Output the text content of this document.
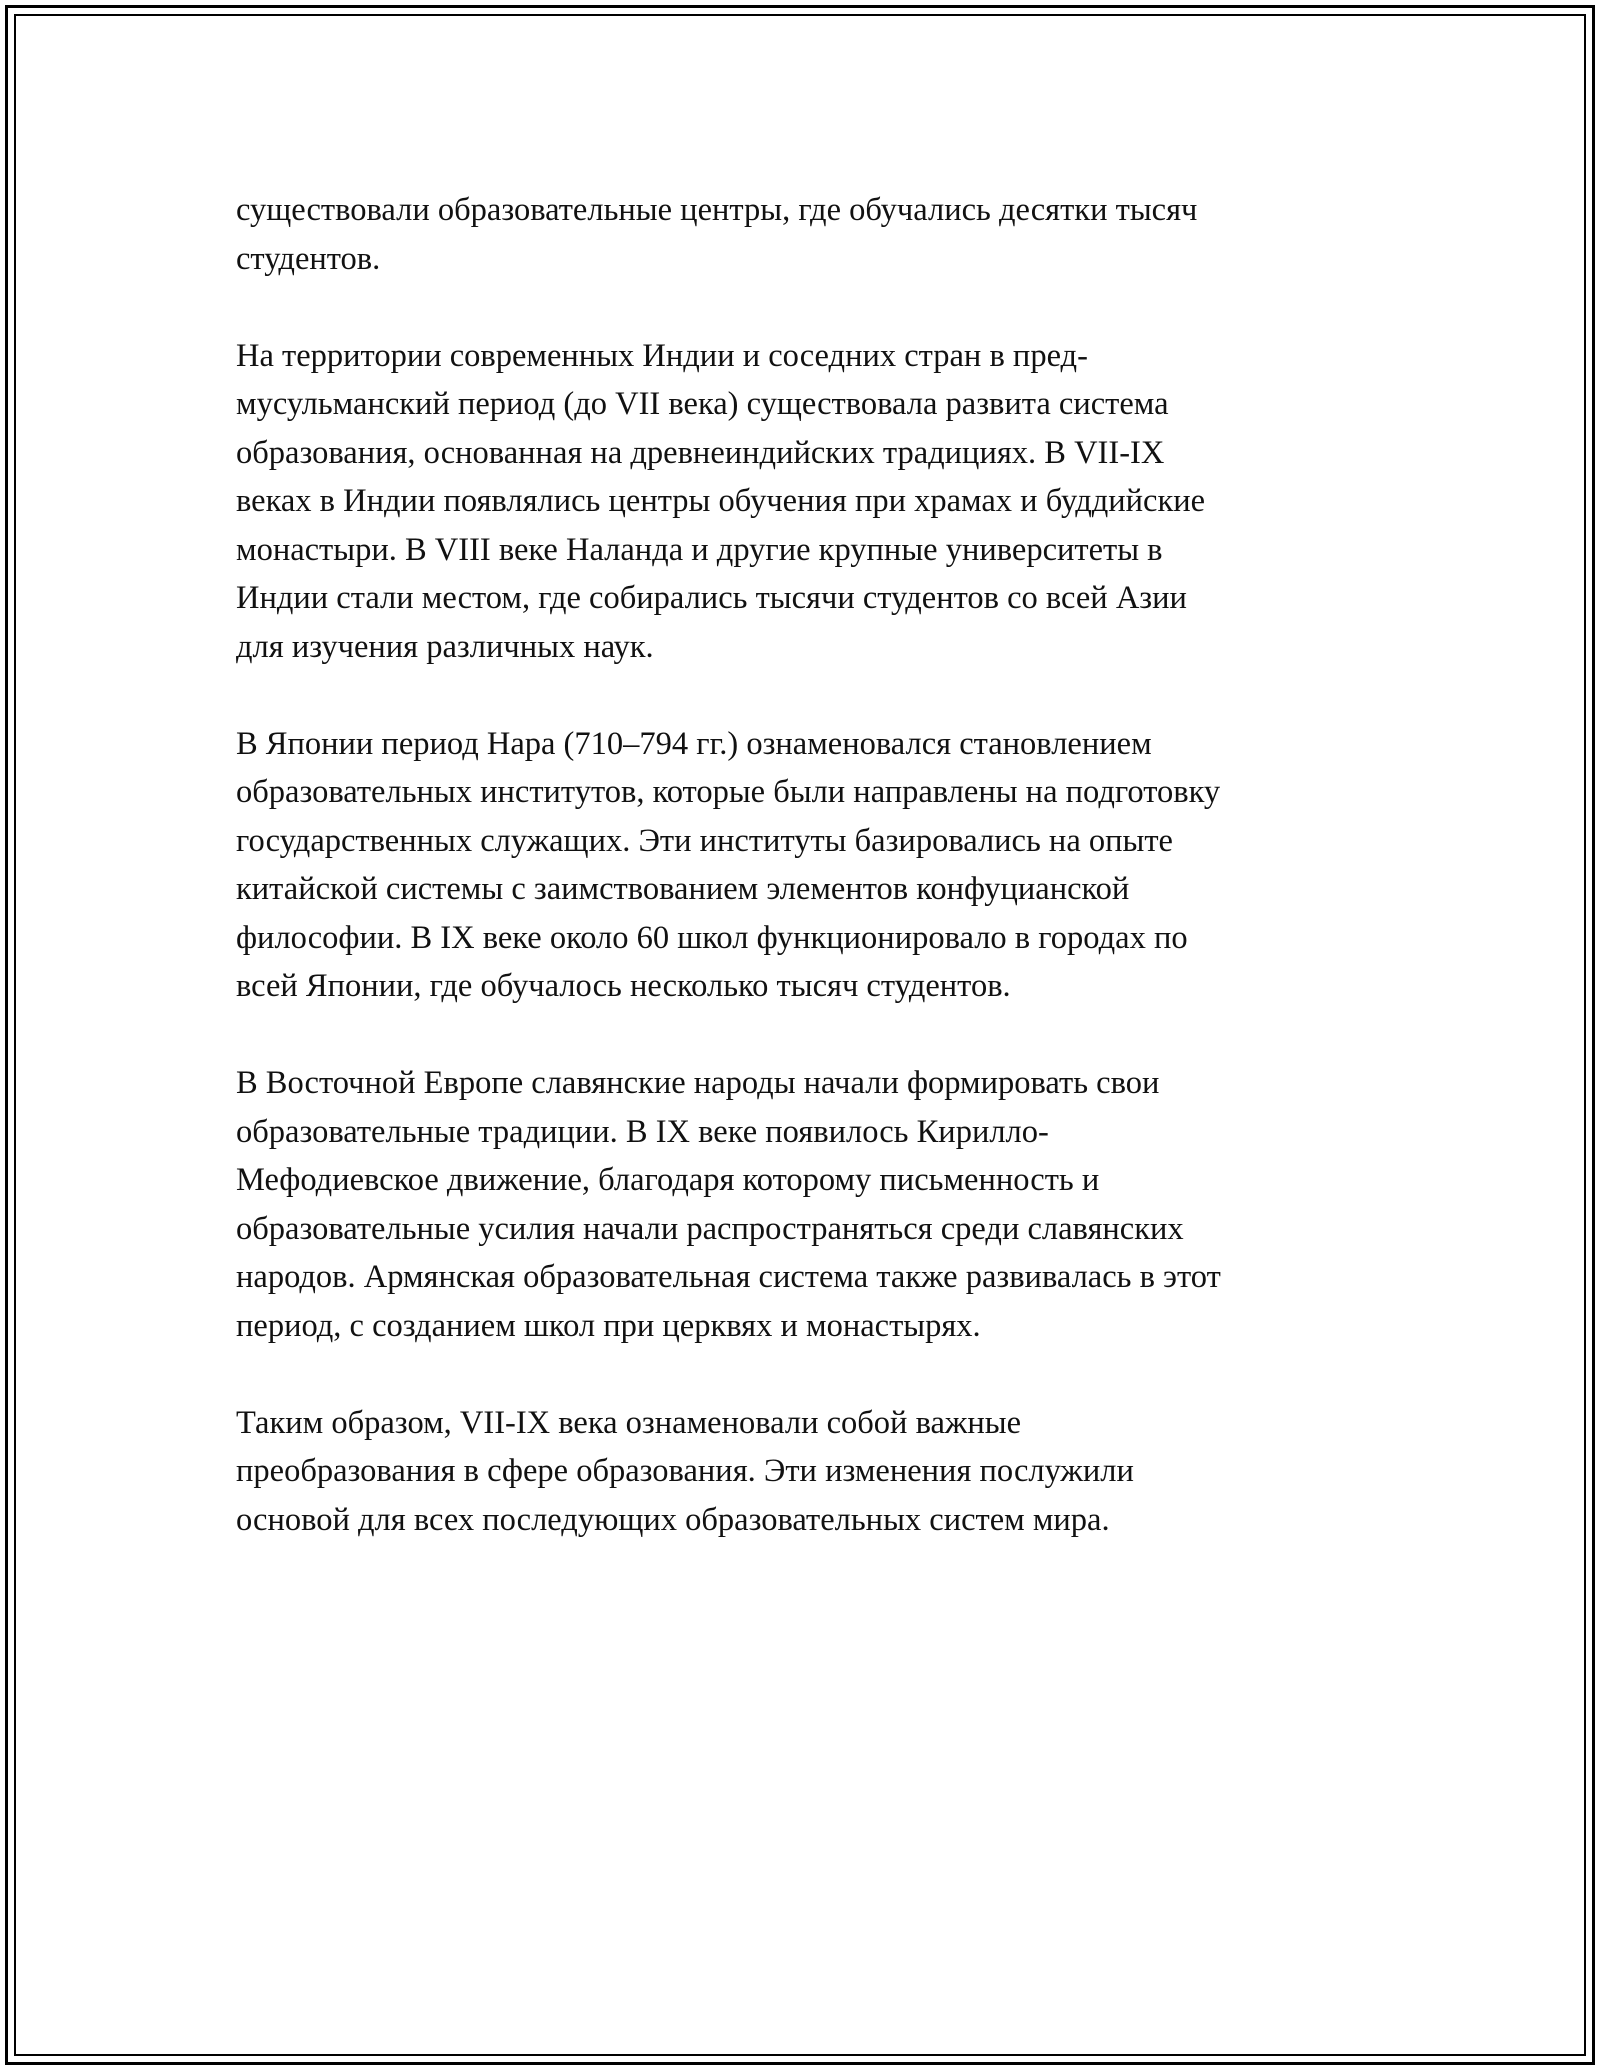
существовали образовательные центры, где обучались десятки тысяч
студентов.

На территории современных Индии и соседних стран в пред-
мусульманский период (до VII века) существовала развита система
образования, основанная на древнеиндийских традициях. В VII-IX
веках в Индии появлялись центры обучения при храмах и буддийские
монастыри. В VIII веке Наланда и другие крупные университеты в
Индии стали местом, где собирались тысячи студентов со всей Азии
для изучения различных наук.

В Японии период Нара (710–794 гг.) ознаменовался становлением
образовательных институтов, которые были направлены на подготовку
государственных служащих. Эти институты базировались на опыте
китайской системы с заимствованием элементов конфуцианской
философии. В IX веке около 60 школ функционировало в городах по
всей Японии, где обучалось несколько тысяч студентов.

В Восточной Европе славянские народы начали формировать свои
образовательные традиции. В IX веке появилось Кирилло-
Мефодиевское движение, благодаря которому письменность и
образовательные усилия начали распространяться среди славянских
народов. Армянская образовательная система также развивалась в этот
период, с созданием школ при церквях и монастырях.

Таким образом, VII-IX века ознаменовали собой важные
преобразования в сфере образования. Эти изменения послужили
основой для всех последующих образовательных систем мира.
